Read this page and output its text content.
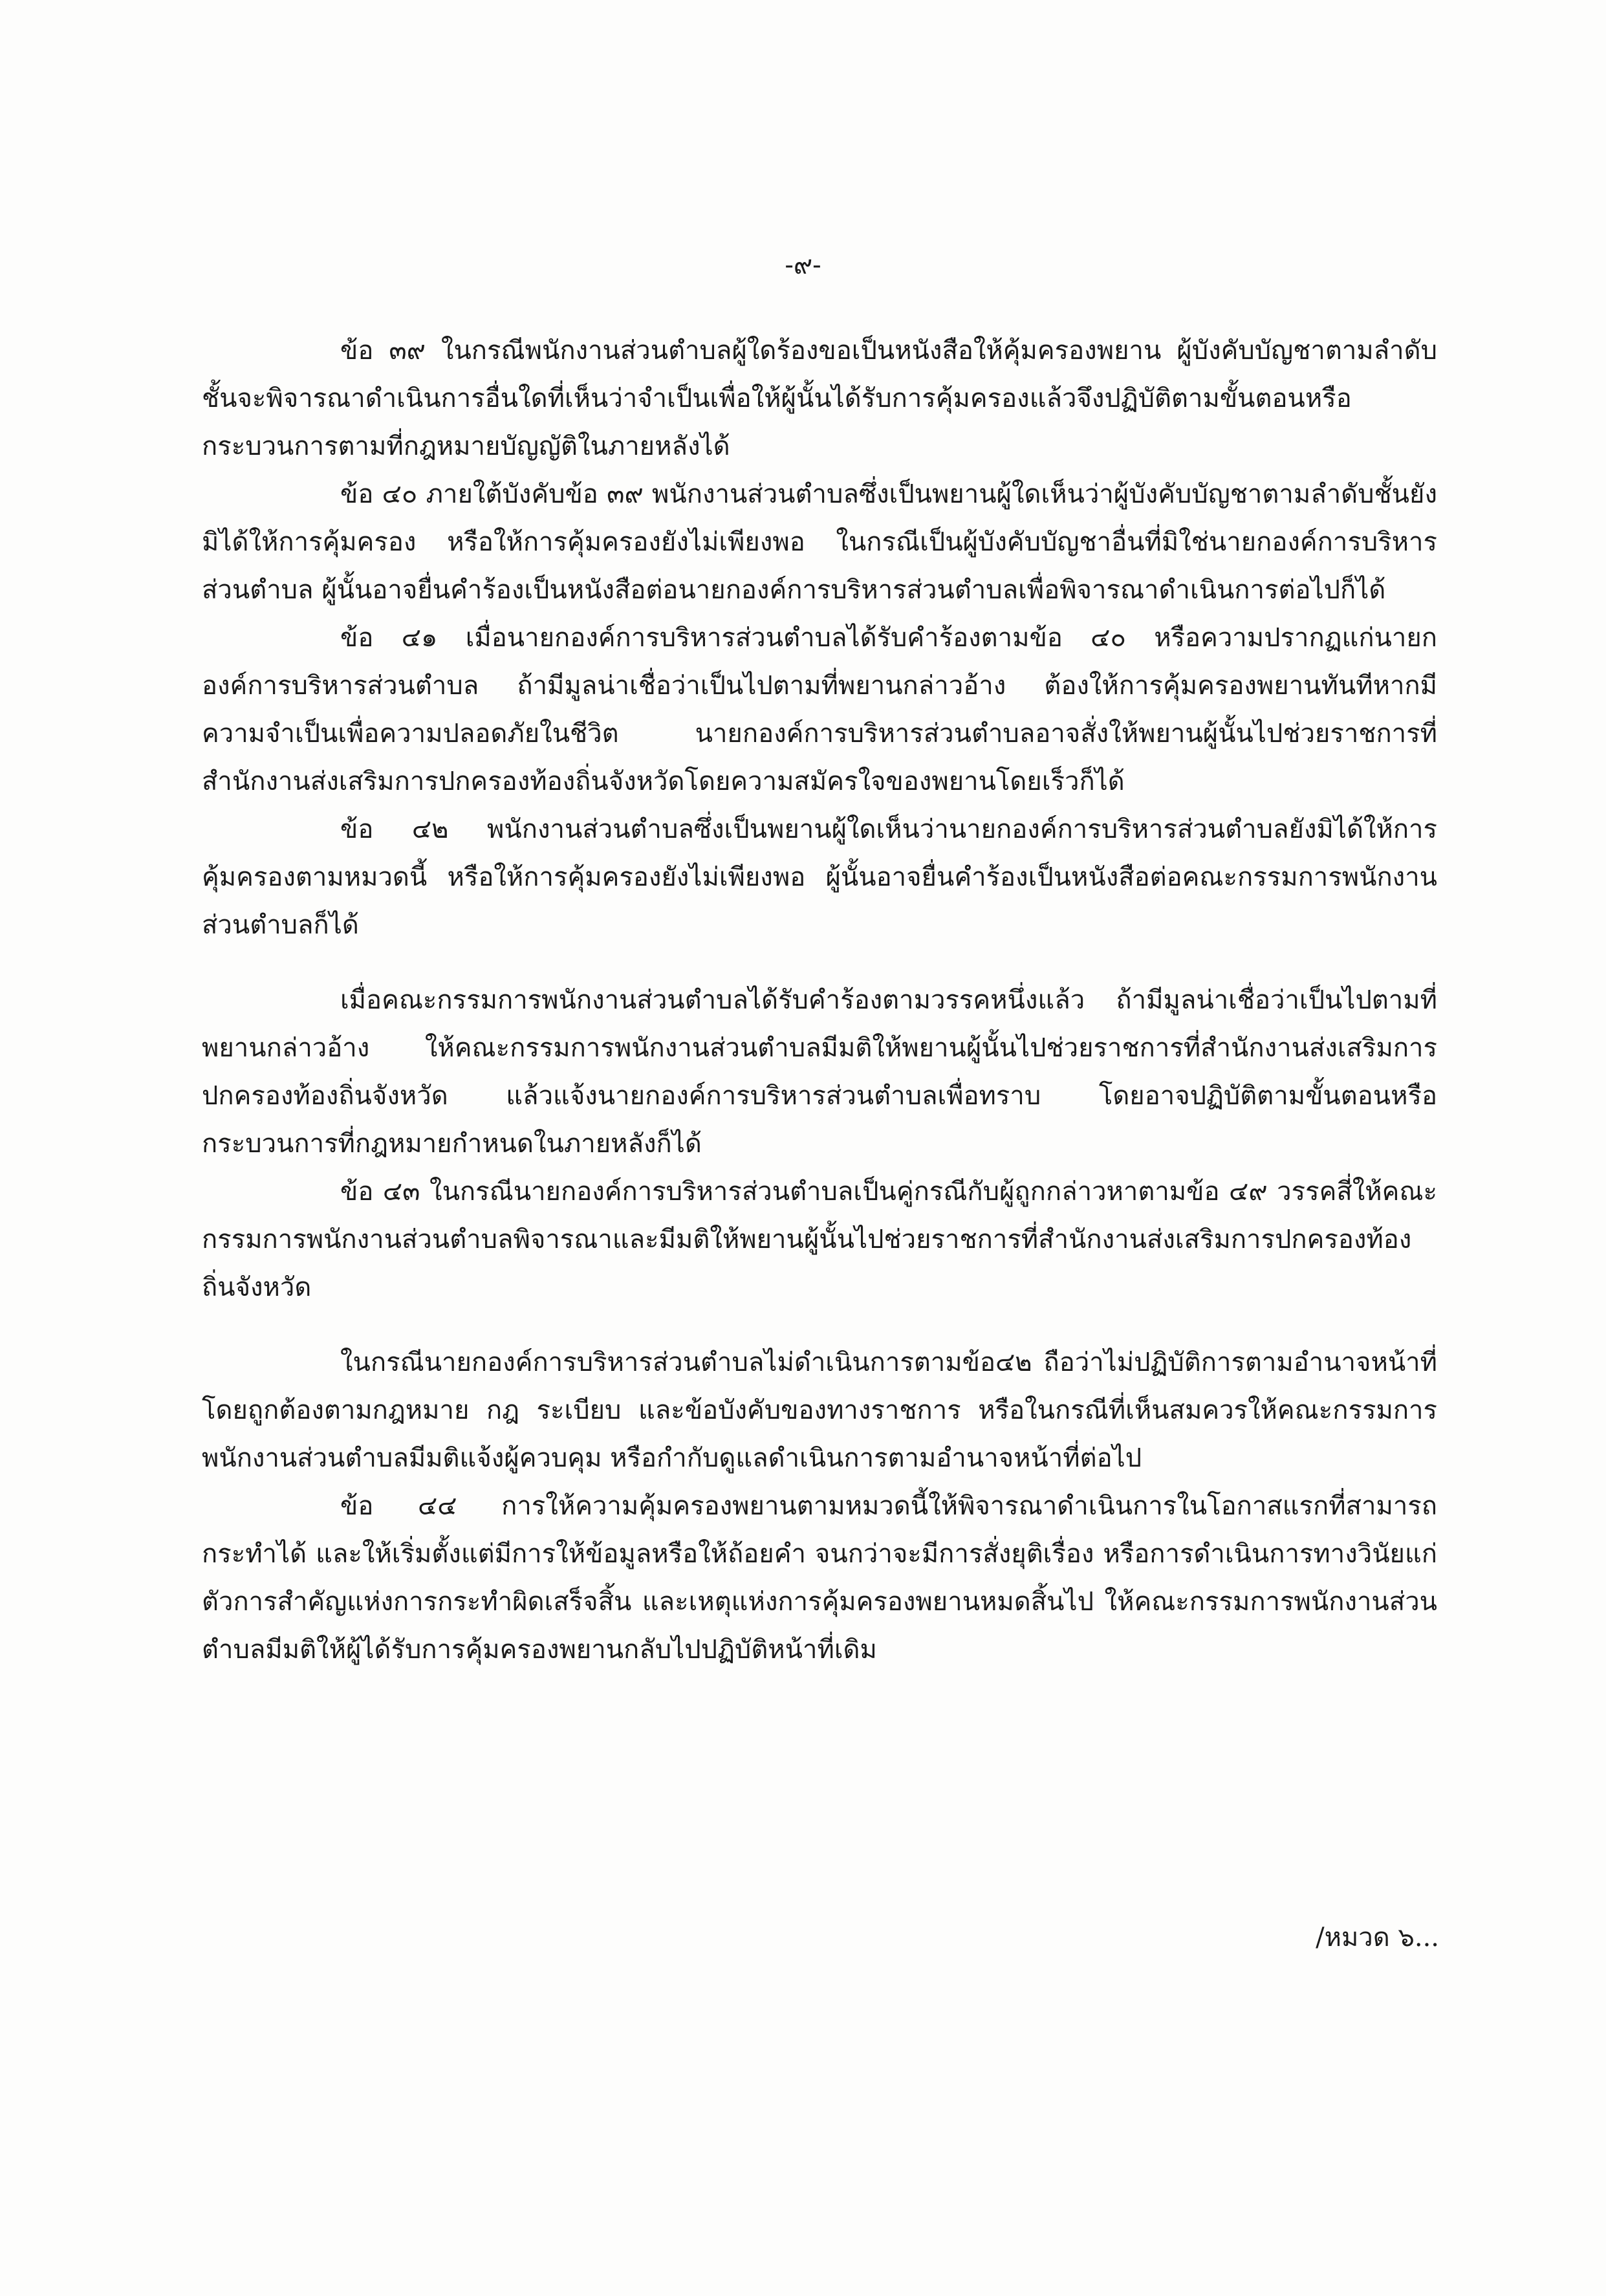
-๙-

ข้อ ๓๙ ในกรณีพนักงานส่วนตำบลผู้ใดร้องขอเป็นหนังสือให้คุ้มครองพยาน ผู้บังคับบัญชาตามลำดับชั้นจะพิจารณาดำเนินการอื่นใดที่เห็นว่าจำเป็นเพื่อให้ผู้นั้นได้รับการคุ้มครองแล้วจึงปฏิบัติตามขั้นตอนหรือกระบวนการตามที่กฎหมายบัญญัติในภายหลังได้

ข้อ ๔๐ ภายใต้บังคับข้อ ๓๙ พนักงานส่วนตำบลซึ่งเป็นพยานผู้ใดเห็นว่าผู้บังคับบัญชาตามลำดับชั้นยังมิได้ให้การคุ้มครอง หรือให้การคุ้มครองยังไม่เพียงพอ ในกรณีเป็นผู้บังคับบัญชาอื่นที่มิใช่นายกองค์การบริหารส่วนตำบล ผู้นั้นอาจยื่นคำร้องเป็นหนังสือต่อนายกองค์การบริหารส่วนตำบลเพื่อพิจารณาดำเนินการต่อไปก็ได้

ข้อ ๔๑ เมื่อนายกองค์การบริหารส่วนตำบลได้รับคำร้องตามข้อ ๔๐ หรือความปรากฏแก่นายกองค์การบริหารส่วนตำบล ถ้ามีมูลน่าเชื่อว่าเป็นไปตามที่พยานกล่าวอ้าง ต้องให้การคุ้มครองพยานทันทีหากมีความจำเป็นเพื่อความปลอดภัยในชีวิต นายกองค์การบริหารส่วนตำบลอาจสั่งให้พยานผู้นั้นไปช่วยราชการที่สำนักงานส่งเสริมการปกครองท้องถิ่นจังหวัดโดยความสมัครใจของพยานโดยเร็วก็ได้

ข้อ ๔๒ พนักงานส่วนตำบลซึ่งเป็นพยานผู้ใดเห็นว่านายกองค์การบริหารส่วนตำบลยังมิได้ให้การคุ้มครองตามหมวดนี้ หรือให้การคุ้มครองยังไม่เพียงพอ ผู้นั้นอาจยื่นคำร้องเป็นหนังสือต่อคณะกรรมการพนักงานส่วนตำบลก็ได้

เมื่อคณะกรรมการพนักงานส่วนตำบลได้รับคำร้องตามวรรคหนึ่งแล้ว ถ้ามีมูลน่าเชื่อว่าเป็นไปตามที่พยานกล่าวอ้าง ให้คณะกรรมการพนักงานส่วนตำบลมีมติให้พยานผู้นั้นไปช่วยราชการที่สำนักงานส่งเสริมการปกครองท้องถิ่นจังหวัด แล้วแจ้งนายกองค์การบริหารส่วนตำบลเพื่อทราบ โดยอาจปฏิบัติตามขั้นตอนหรือกระบวนการที่กฎหมายกำหนดในภายหลังก็ได้

ข้อ ๔๓ ในกรณีนายกองค์การบริหารส่วนตำบลเป็นคู่กรณีกับผู้ถูกกล่าวหาตามข้อ ๔๙ วรรคสี่ให้คณะกรรมการพนักงานส่วนตำบลพิจารณาและมีมติให้พยานผู้นั้นไปช่วยราชการที่สำนักงานส่งเสริมการปกครองท้องถิ่นจังหวัด

ในกรณีนายกองค์การบริหารส่วนตำบลไม่ดำเนินการตามข้อ๔๒ ถือว่าไม่ปฏิบัติการตามอำนาจหน้าที่โดยถูกต้องตามกฎหมาย กฎ ระเบียบ และข้อบังคับของทางราชการ หรือในกรณีที่เห็นสมควรให้คณะกรรมการพนักงานส่วนตำบลมีมติแจ้งผู้ควบคุม หรือกำกับดูแลดำเนินการตามอำนาจหน้าที่ต่อไป

ข้อ ๔๔ การให้ความคุ้มครองพยานตามหมวดนี้ให้พิจารณาดำเนินการในโอกาสแรกที่สามารถกระทำได้ และให้เริ่มตั้งแต่มีการให้ข้อมูลหรือให้ถ้อยคำ จนกว่าจะมีการสั่งยุติเรื่อง หรือการดำเนินการทางวินัยแก่ตัวการสำคัญแห่งการกระทำผิดเสร็จสิ้น และเหตุแห่งการคุ้มครองพยานหมดสิ้นไป ให้คณะกรรมการพนักงานส่วนตำบลมีมติให้ผู้ได้รับการคุ้มครองพยานกลับไปปฏิบัติหน้าที่เดิม

/หมวด ๖...
